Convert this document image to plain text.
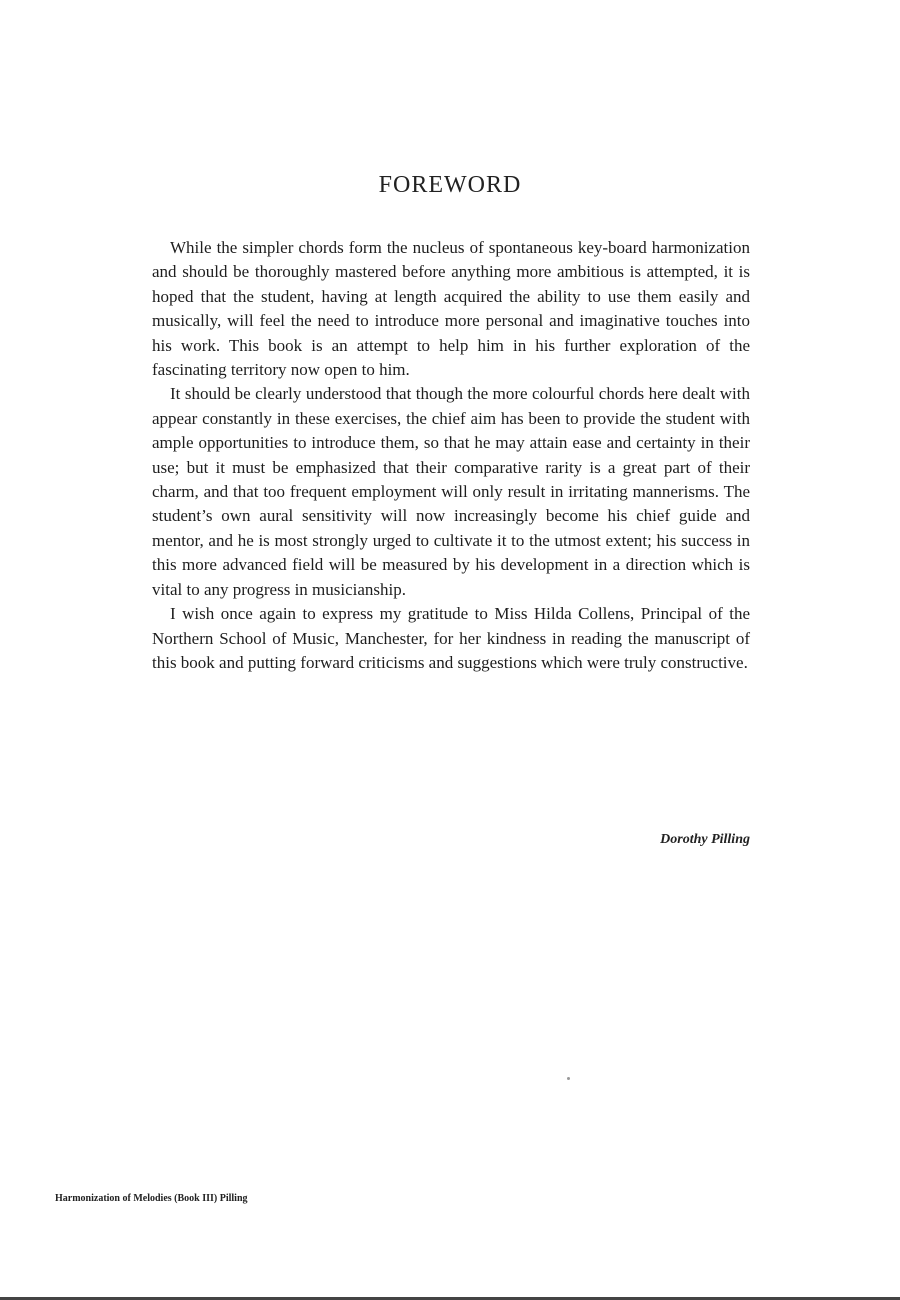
FOREWORD

While the simpler chords form the nucleus of spontaneous key-board harmonization and should be thoroughly mastered before anything more ambitious is attempted, it is hoped that the student, having at length acquired the ability to use them easily and musically, will feel the need to introduce more personal and imaginative touches into his work. This book is an attempt to help him in his further exploration of the fascinating territory now open to him.

It should be clearly understood that though the more colourful chords here dealt with appear constantly in these exercises, the chief aim has been to provide the student with ample opportunities to introduce them, so that he may attain ease and certainty in their use; but it must be emphasized that their comparative rarity is a great part of their charm, and that too frequent employment will only result in irritating mannerisms. The student’s own aural sensitivity will now increasingly become his chief guide and mentor, and he is most strongly urged to cultivate it to the utmost extent; his success in this more advanced field will be measured by his development in a direction which is vital to any progress in musicianship.

I wish once again to express my gratitude to Miss Hilda Collens, Principal of the Northern School of Music, Manchester, for her kindness in reading the manuscript of this book and putting forward criticisms and suggestions which were truly constructive.

Dorothy Pilling
Harmonization of Melodies (Book III) Pilling
